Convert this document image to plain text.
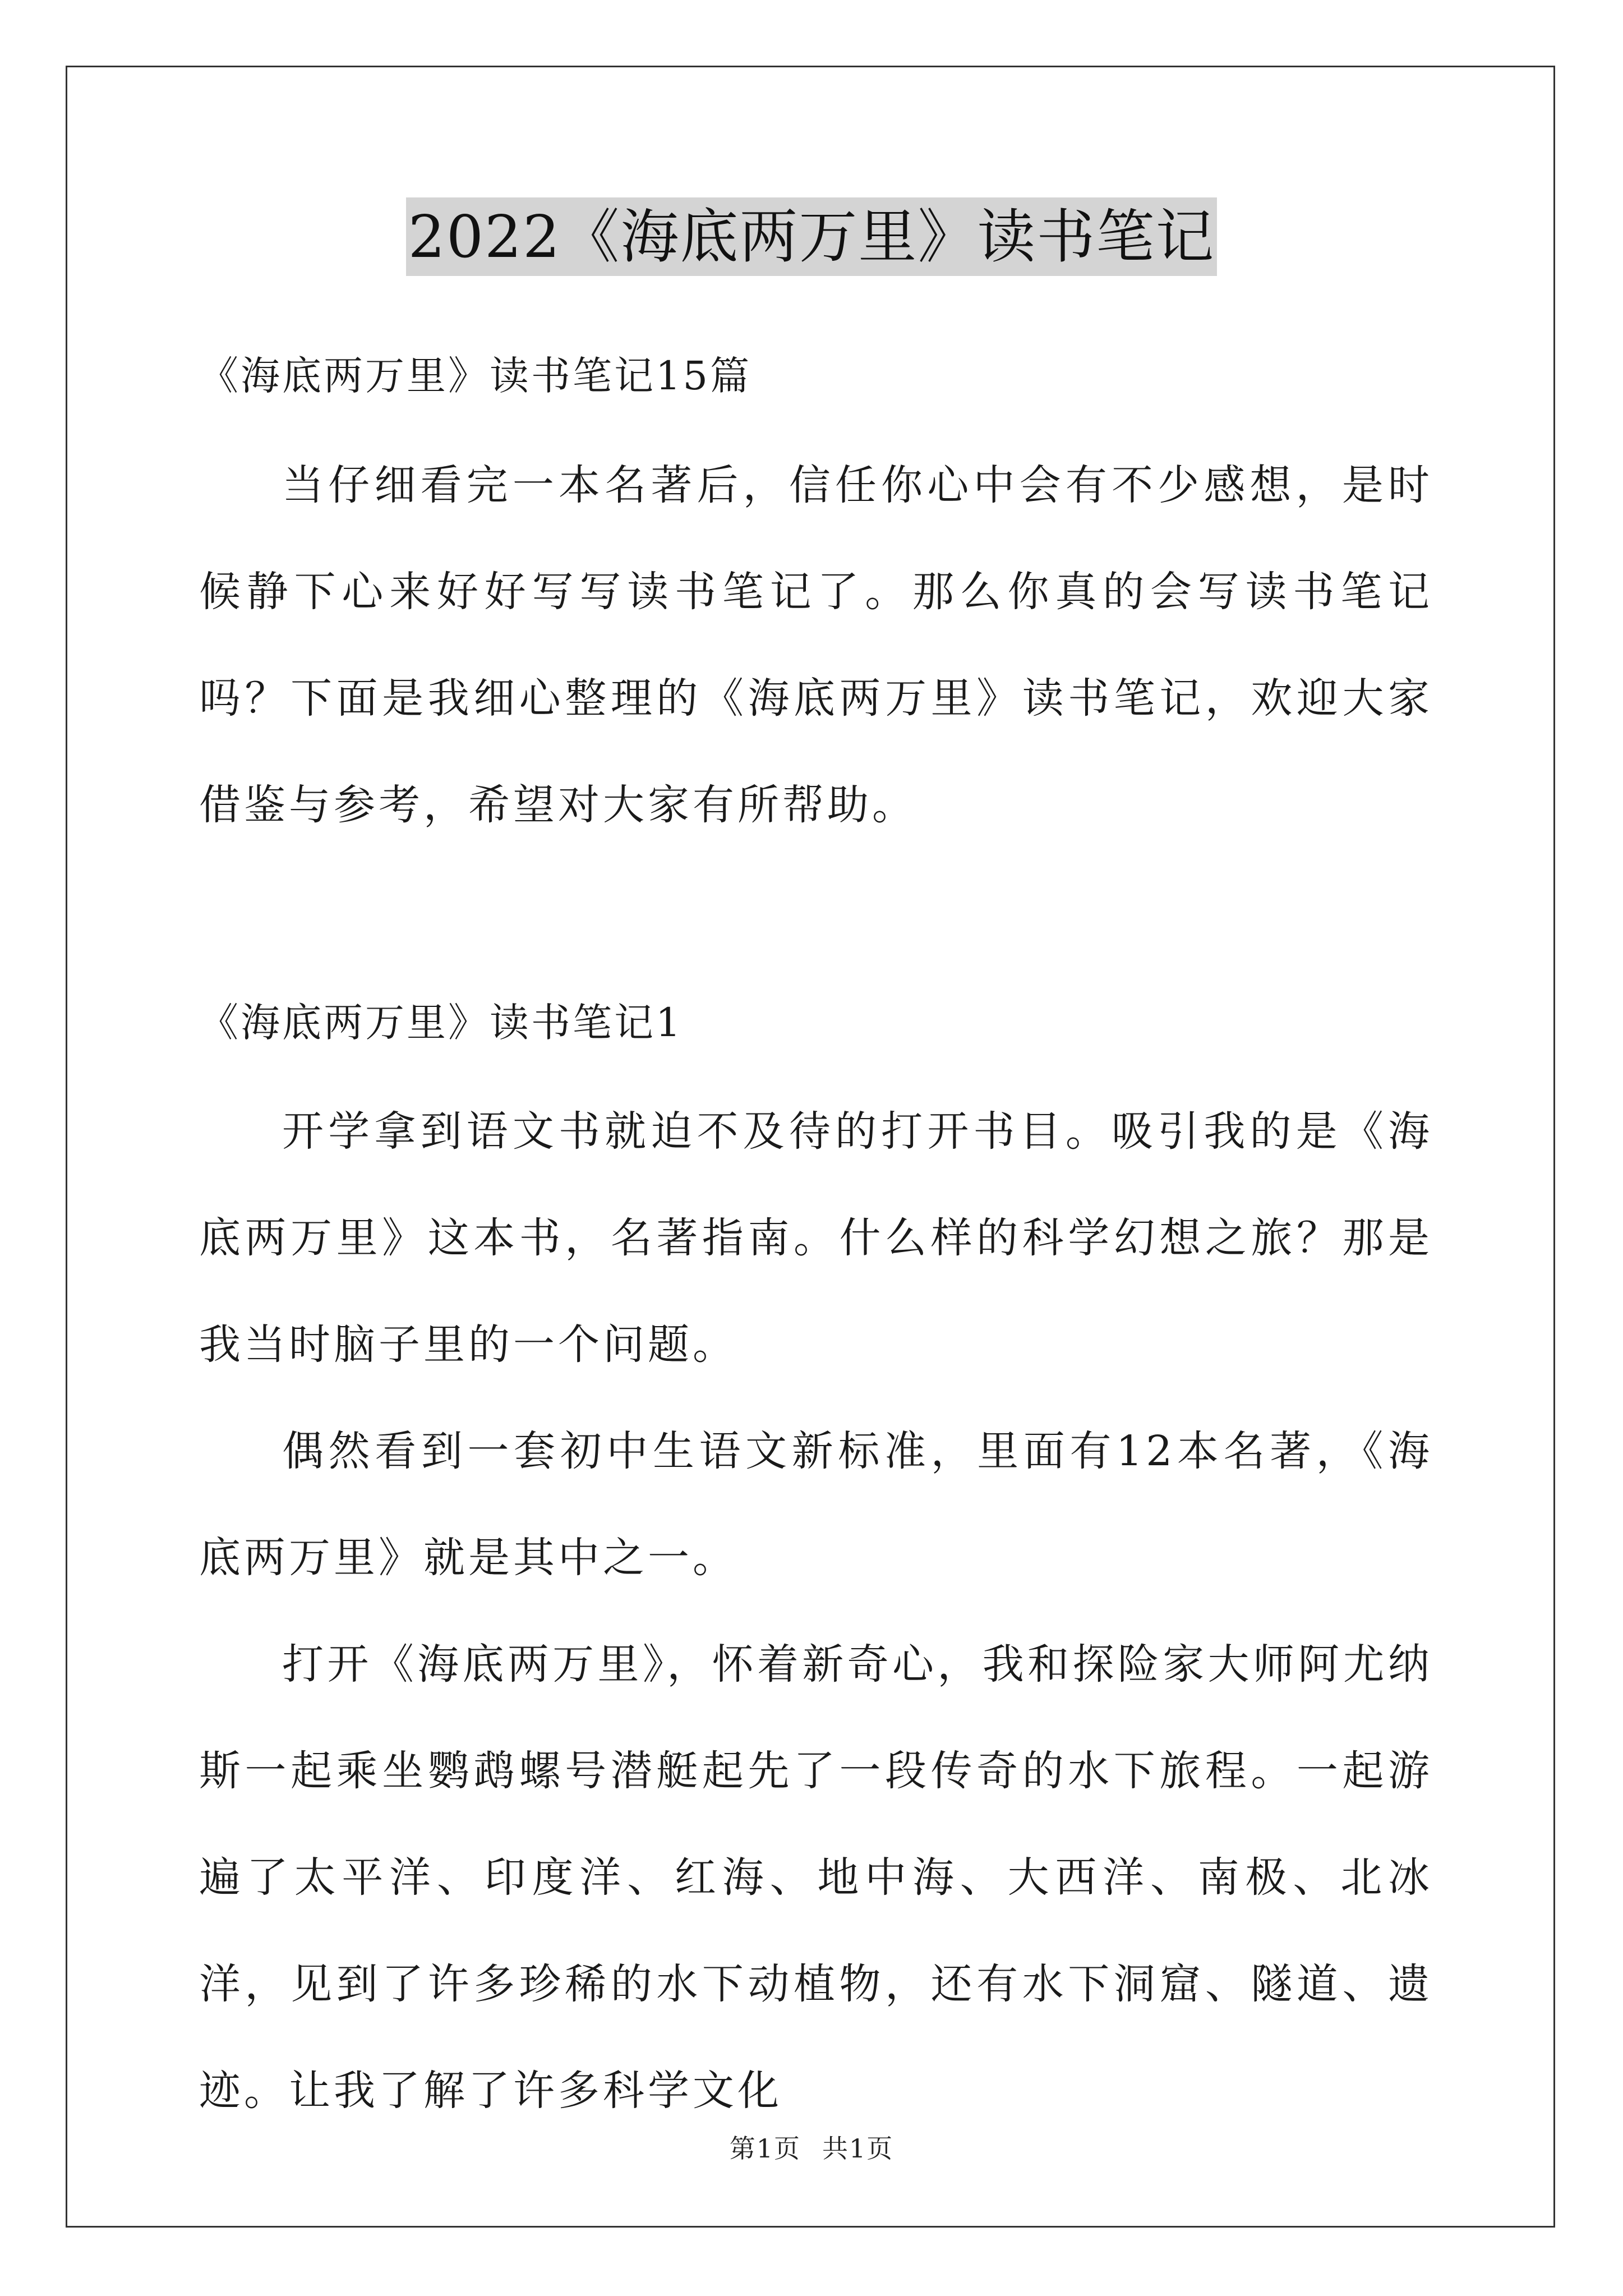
2022《海底两万里》读书笔记

《海底两万里》读书笔记15篇

当仔细看完一本名著后，信任你心中会有不少感想，是时候静下心来好好写写读书笔记了。那么你真的会写读书笔记吗？下面是我细心整理的《海底两万里》读书笔记，欢迎大家借鉴与参考，希望对大家有所帮助。

《海底两万里》读书笔记1

开学拿到语文书就迫不及待的打开书目。吸引我的是《海底两万里》这本书，名著指南。什么样的科学幻想之旅？那是我当时脑子里的一个问题。

偶然看到一套初中生语文新标准，里面有12本名著，《海底两万里》就是其中之一。

打开《海底两万里》，怀着新奇心，我和探险家大师阿尤纳斯一起乘坐鹦鹉螺号潜艇起先了一段传奇的水下旅程。一起游遍了太平洋、印度洋、红海、地中海、大西洋、南极、北冰洋，见到了许多珍稀的水下动植物，还有水下洞窟、隧道、遗迹。让我了解了许多科学文化

第1页 共1页
